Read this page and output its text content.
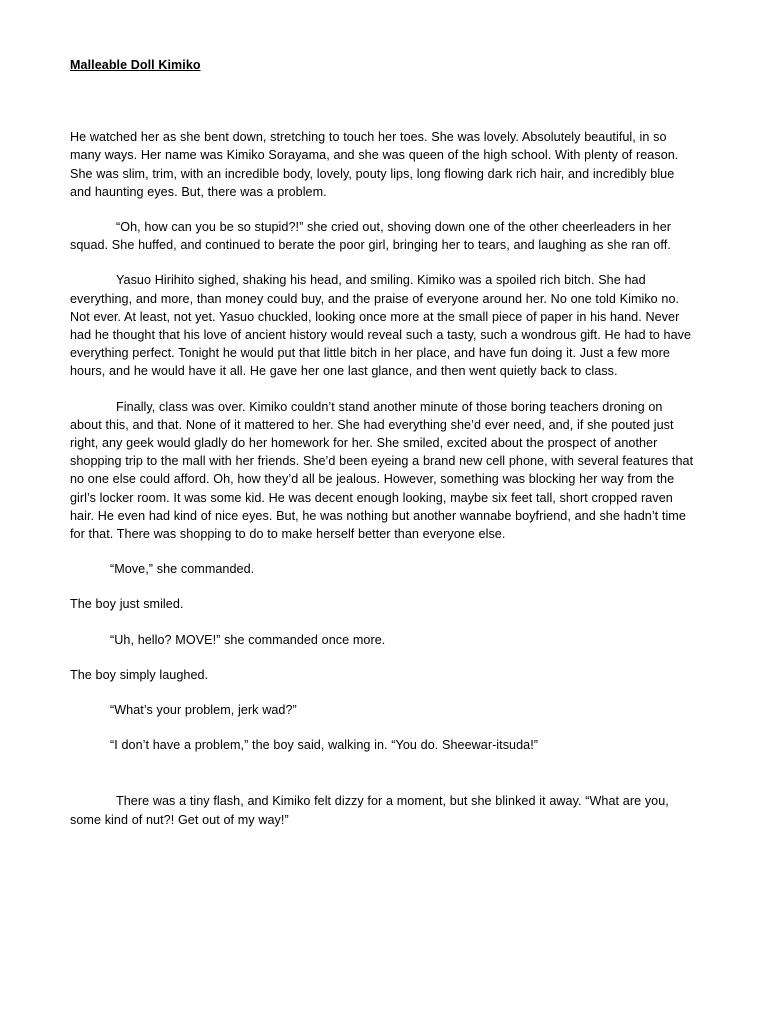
Malleable Doll Kimiko

He watched her as she bent down, stretching to touch her toes. She was lovely. Absolutely beautiful, in so many ways. Her name was Kimiko Sorayama, and she was queen of the high school. With plenty of reason. She was slim, trim, with an incredible body, lovely, pouty lips, long flowing dark rich hair, and incredibly blue and haunting eyes. But, there was a problem.

“Oh, how can you be so stupid?!” she cried out, shoving down one of the other cheerleaders in her squad. She huffed, and continued to berate the poor girl, bringing her to tears, and laughing as she ran off.

Yasuo Hirihito sighed, shaking his head, and smiling. Kimiko was a spoiled rich bitch. She had everything, and more, than money could buy, and the praise of everyone around her. No one told Kimiko no. Not ever. At least, not yet. Yasuo chuckled, looking once more at the small piece of paper in his hand. Never had he thought that his love of ancient history would reveal such a tasty, such a wondrous gift. He had to have everything perfect. Tonight he would put that little bitch in her place, and have fun doing it. Just a few more hours, and he would have it all. He gave her one last glance, and then went quietly back to class.

Finally, class was over. Kimiko couldn’t stand another minute of those boring teachers droning on about this, and that. None of it mattered to her. She had everything she’d ever need, and, if she pouted just right, any geek would gladly do her homework for her. She smiled, excited about the prospect of another shopping trip to the mall with her friends. She’d been eyeing a brand new cell phone, with several features that no one else could afford. Oh, how they’d all be jealous. However, something was blocking her way from the girl’s locker room. It was some kid. He was decent enough looking, maybe six feet tall, short cropped raven hair. He even had kind of nice eyes. But, he was nothing but another wannabe boyfriend, and she hadn’t time for that. There was shopping to do to make herself better than everyone else.

“Move,” she commanded.

The boy just smiled.

“Uh, hello? MOVE!” she commanded once more.

The boy simply laughed.

“What’s your problem, jerk wad?”

“I don’t have a problem,” the boy said, walking in. “You do. Sheewar-itsuda!”

There was a tiny flash, and Kimiko felt dizzy for a moment, but she blinked it away. “What are you, some kind of nut?! Get out of my way!”
